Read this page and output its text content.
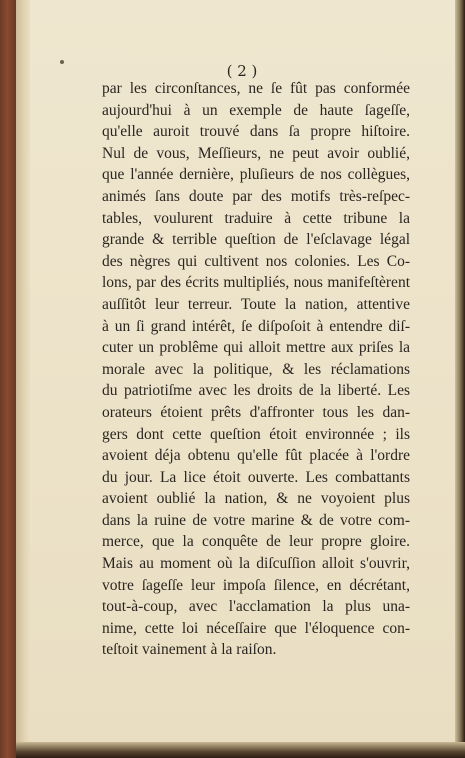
( 2 )
par les circonſtances, ne ſe fût pas conformée
aujourd'hui à un exemple de haute ſageſſe,
qu'elle auroit trouvé dans ſa propre hiſtoire.
Nul de vous, Meſſieurs, ne peut avoir oublié,
que l'année dernière, pluſieurs de nos collègues,
animés ſans doute par des motifs très-reſpec-
tables, voulurent traduire à cette tribune la
grande & terrible queſtion de l'eſclavage légal
des nègres qui cultivent nos colonies. Les Co-
lons, par des écrits multipliés, nous manifeſtèrent
auſſitôt leur terreur. Toute la nation, attentive
à un ſi grand intérêt, ſe diſpoſoit à entendre diſ-
cuter un problême qui alloit mettre aux priſes la
morale avec la politique, & les réclamations
du patriotiſme avec les droits de la liberté. Les
orateurs étoient prêts d'affronter tous les dan-
gers dont cette queſtion étoit environnée ; ils
avoient déja obtenu qu'elle fût placée à l'ordre
du jour. La lice étoit ouverte. Les combattants
avoient oublié la nation, & ne voyoient plus
dans la ruine de votre marine & de votre com-
merce, que la conquête de leur propre gloire.
Mais au moment où la diſcuſſion alloit s'ouvrir,
votre ſageſſe leur impoſa ſilence, en décrétant,
tout-à-coup, avec l'acclamation la plus una-
nime, cette loi néceſſaire que l'éloquence con-
teſtoit vainement à la raiſon.
